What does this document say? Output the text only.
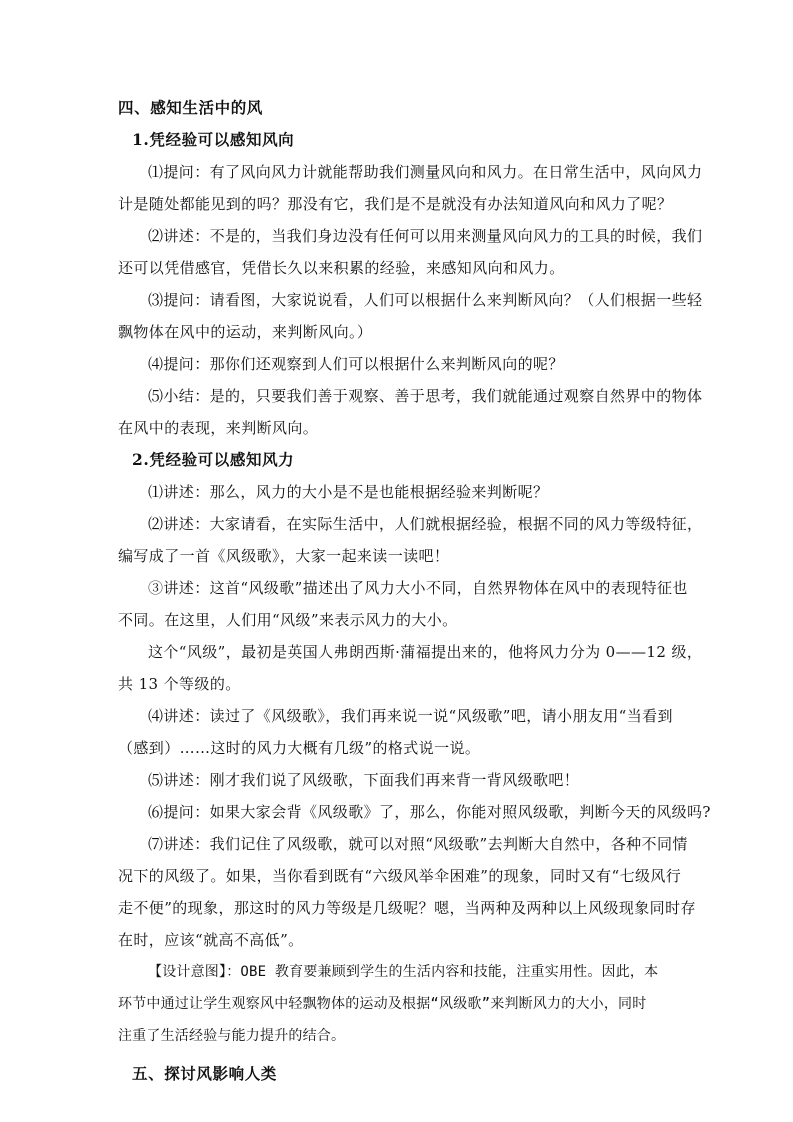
四、感知生活中的风
1.凭经验可以感知风向
⑴提问：有了风向风力计就能帮助我们测量风向和风力。在日常生活中，风向风力
计是随处都能见到的吗？那没有它，我们是不是就没有办法知道风向和风力了呢？
⑵讲述：不是的，当我们身边没有任何可以用来测量风向风力的工具的时候，我们
还可以凭借感官，凭借长久以来积累的经验，来感知风向和风力。
⑶提问：请看图，大家说说看，人们可以根据什么来判断风向？（人们根据一些轻
飘物体在风中的运动，来判断风向。）
⑷提问：那你们还观察到人们可以根据什么来判断风向的呢？
⑸小结：是的，只要我们善于观察、善于思考，我们就能通过观察自然界中的物体
在风中的表现，来判断风向。
2.凭经验可以感知风力
⑴讲述：那么，风力的大小是不是也能根据经验来判断呢？
⑵讲述：大家请看，在实际生活中，人们就根据经验，根据不同的风力等级特征，
编写成了一首《风级歌》，大家一起来读一读吧！
③讲述：这首“风级歌”描述出了风力大小不同，自然界物体在风中的表现特征也
不同。在这里，人们用“风级”来表示风力的大小。
这个“风级”，最初是英国人弗朗西斯·蒲福提出来的，他将风力分为 0——12 级，
共 13 个等级的。
⑷讲述：读过了《风级歌》，我们再来说一说“风级歌”吧，请小朋友用“当看到
（感到）……这时的风力大概有几级”的格式说一说。
⑸讲述：刚才我们说了风级歌，下面我们再来背一背风级歌吧！
⑹提问：如果大家会背《风级歌》了，那么，你能对照风级歌，判断今天的风级吗?
⑺讲述：我们记住了风级歌，就可以对照“风级歌”去判断大自然中，各种不同情
况下的风级了。如果，当你看到既有“六级风举伞困难”的现象，同时又有“七级风行
走不便”的现象，那这时的风力等级是几级呢？嗯，当两种及两种以上风级现象同时存
在时，应该“就高不高低”。
【设计意图】：OBE 教育要兼顾到学生的生活内容和技能，注重实用性。因此，本
环节中通过让学生观察风中轻飘物体的运动及根据“风级歌”来判断风力的大小，同时
注重了生活经验与能力提升的结合。
五、探讨风影响人类
